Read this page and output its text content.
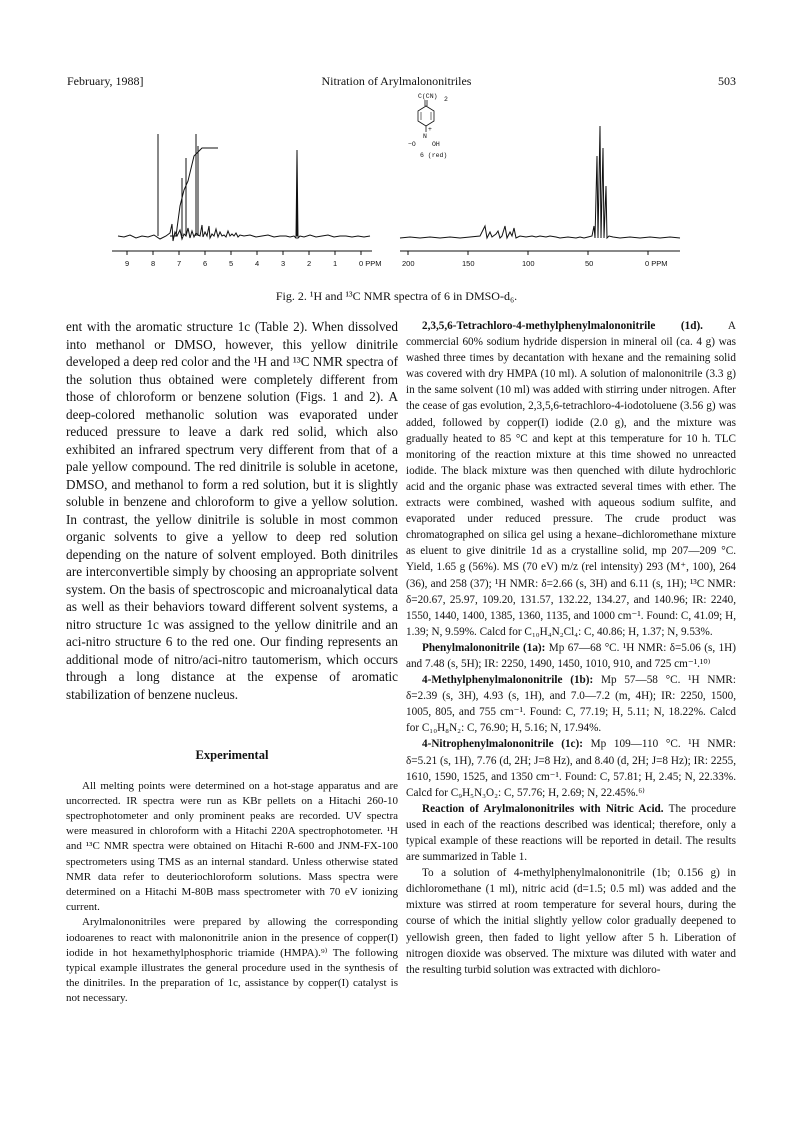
February, 1988]	Nitration of Arylmalononitriles	503
9	8	7	6	5	4	3	2	1	0 PPM	200	150	100	50	0 PPM
C(CN) 2
+
N
−O OH
6 (red)
Fig. 2. ¹H and ¹³C NMR spectra of 6 in DMSO-d₆.

ent with the aromatic structure 1c (Table 2). When dissolved into methanol or DMSO, however, this yellow dinitrile developed a deep red color and the ¹H and ¹³C NMR spectra of the solution thus obtained were completely different from those of chloroform or benzene solution (Figs. 1 and 2). A deep-colored methanolic solution was evaporated under reduced pressure to leave a dark red solid, which also exhibited an infrared spectrum very different from that of a pale yellow compound. The red dinitrile is soluble in acetone, DMSO, and methanol to form a red solution, but it is slightly soluble in benzene and chloroform to give a yellow solution. In contrast, the yellow dinitrile is soluble in most common organic solvents to give a yellow to deep red solution depending on the nature of solvent employed. Both dinitriles are interconvertible simply by choosing an appropriate solvent system. On the basis of spectroscopic and microanalytical data as well as their behaviors toward different solvent systems, a nitro structure 1c was assigned to the yellow dinitrile and an aci-nitro structure 6 to the red one. Our finding represents an additional mode of nitro/aci-nitro tautomerism, which occurs through a long distance at the expense of aromatic stabilization of benzene nucleus.

Experimental

All melting points were determined on a hot-stage apparatus and are uncorrected. IR spectra were run as KBr pellets on a Hitachi 260-10 spectrophotometer and only prominent peaks are recorded. UV spectra were measured in chloroform with a Hitachi 220A spectrophotometer. ¹H and ¹³C NMR spectra were obtained on Hitachi R-600 and JNM-FX-100 spectrometers using TMS as an internal standard. Unless otherwise stated NMR data refer to deuteriochloroform solutions. Mass spectra were determined on a Hitachi M-80B mass spectrometer with 70 eV ionizing current.

Arylmalononitriles were prepared by allowing the corresponding iodoarenes to react with malononitrile anion in the presence of copper(I) iodide in hot hexamethylphosphoric triamide (HMPA).⁹⁾ The following typical example illustrates the general procedure used in the synthesis of the dinitriles. In the preparation of 1c, assistance by copper(I) catalyst is not necessary.

2,3,5,6-Tetrachloro-4-methylphenylmalononitrile (1d). A commercial 60% sodium hydride dispersion in mineral oil (ca. 4 g) was washed three times by decantation with hexane and the remaining solid was covered with dry HMPA (10 ml). A solution of malononitrile (3.3 g) in the same solvent (10 ml) was added with stirring under nitrogen. After the cease of gas evolution, 2,3,5,6-tetrachloro-4-iodotoluene (3.56 g) was added, followed by copper(I) iodide (2.0 g), and the mixture was gradually heated to 85 °C and kept at this temperature for 10 h. TLC monitoring of the reaction mixture at this time showed no unreacted iodide. The black mixture was then quenched with dilute hydrochloric acid and the organic phase was extracted several times with ether. The extracts were combined, washed with aqueous sodium sulfite, and evaporated under reduced pressure. The crude product was chromatographed on silica gel using a hexane–dichloromethane mixture as eluent to give dinitrile 1d as a crystalline solid, mp 207—209 °C. Yield, 1.65 g (56%). MS (70 eV) m/z (rel intensity) 293 (M⁺, 100), 264 (36), and 258 (37); ¹H NMR: δ=2.66 (s, 3H) and 6.11 (s, 1H); ¹³C NMR: δ=20.67, 25.97, 109.20, 131.57, 132.22, 134.27, and 140.96; IR: 2240, 1550, 1440, 1400, 1385, 1360, 1135, and 1000 cm⁻¹. Found: C, 41.09; H, 1.39; N, 9.59%. Calcd for C₁₀H₄N₂Cl₄: C, 40.86; H, 1.37; N, 9.53%.

Phenylmalononitrile (1a): Mp 67—68 °C. ¹H NMR: δ=5.06 (s, 1H) and 7.48 (s, 5H); IR: 2250, 1490, 1450, 1010, 910, and 725 cm⁻¹.¹⁰⁾

4-Methylphenylmalononitrile (1b): Mp 57—58 °C. ¹H NMR: δ=2.39 (s, 3H), 4.93 (s, 1H), and 7.0—7.2 (m, 4H); IR: 2250, 1500, 1005, 805, and 755 cm⁻¹. Found: C, 77.19; H, 5.11; N, 18.22%. Calcd for C₁₀H₈N₂: C, 76.90; H, 5.16; N, 17.94%.

4-Nitrophenylmalononitrile (1c): Mp 109—110 °C. ¹H NMR: δ=5.21 (s, 1H), 7.76 (d, 2H; J=8 Hz), and 8.40 (d, 2H; J=8 Hz); IR: 2255, 1610, 1590, 1525, and 1350 cm⁻¹. Found: C, 57.81; H, 2.45; N, 22.33%. Calcd for C₉H₅N₃O₂: C, 57.76; H, 2.69; N, 22.45%.⁶⁾

Reaction of Arylmalononitriles with Nitric Acid. The procedure used in each of the reactions described was identical; therefore, only a typical example of these reactions will be reported in detail. The results are summarized in Table 1.

To a solution of 4-methylphenylmalononitrile (1b; 0.156 g) in dichloromethane (1 ml), nitric acid (d=1.5; 0.5 ml) was added and the mixture was stirred at room temperature for several hours, during the course of which the initial slightly yellow color gradually deepened to yellowish green, then faded to light yellow after 5 h. Liberation of nitrogen dioxide was observed. The mixture was diluted with water and the resulting turbid solution was extracted with dichloro-
